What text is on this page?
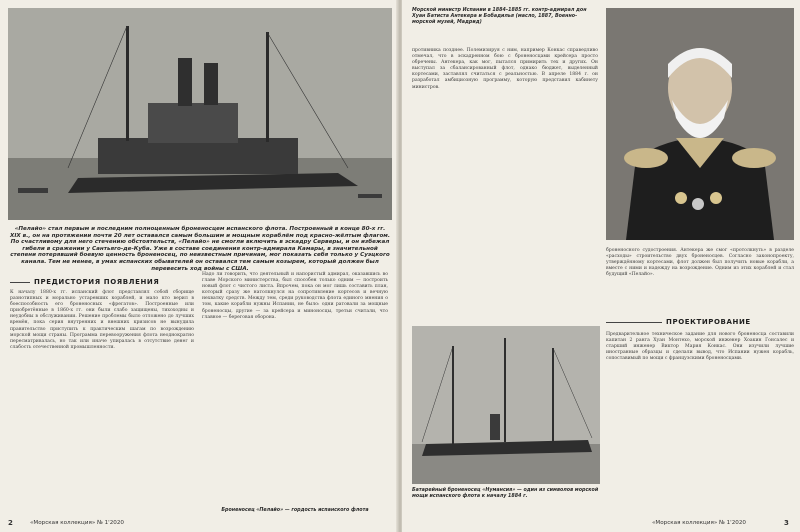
«Пелайо» стал первым и последним полноценным броненосцем испанского флота. Построенный в конце 80-х гг. XIX в., он на протяжении почти 20 лет оставался самым большим и мощным кораблём под красно-жёлтым флагом. По счастливому для него стечению обстоятельств, «Пелайо» не смогли включить в эскадру Серверы, и он избежал гибели в сражении у Сантьяго-де-Куба. Уже в составе соединения контр-адмирала Камары, в значительной степени потерявший боевую ценность броненосец, по неизвестным причинам, мог показать себя только у Суэцкого канала. Тем не менее, в умах испанских обывателей он оставался тем самым козырем, который должен был перевесить ход войны с США.
ПРЕДИСТОРИЯ ПОЯВЛЕНИЯ

К началу 1880-х гг. испанский флот представлял собой сборище разнотипных и морально устаревших кораблей, и мало кто верил в боеспособность его броненосных «фрегатов». Построенные или приобретённые в 1860-х гг. они были слабо защищены, тихоходны и неудобны в обслуживании. Решение проблемы было отложено до лучших времён, пока серия внутренних и внешних кризисов не вынудила правительство приступить к практическим шагам по возрождению морской мощи страны. Программа перевооружения флота неоднократно пересматривалась, но так или иначе упиралась в отсутствие денег и слабость отечественной промышленности.

Надо ли говорить, что деятельный и напористый адмирал, оказавшись во главе Морского министерства, был способен только одним — построить новый флот с чистого листа. Впрочем, пока он мог лишь составить план, который сразу же натолкнулся на сопротивление кортесов и вечную нехватку средств. Между тем, среди руководства флота единого мнения о том, какие корабли нужны Испании, не было: одни ратовали за мощные броненосцы, другие — за крейсера и миноносцы, третьи считали, что главное — береговая оборона.

Броненосец «Пелайо» — гордость испанского флота
2	«Морская коллекция» № 1'2020
Морской министр Испании в 1884–1885 гг. контр-адмирал дон Хуан Батиста Антекера и Бобадилья (масло, 1887, Военно-морской музей, Мадрид)

противника позднее. Полемизируя с ним, например Конкас справедливо отмечал, что в эскадренном бою с броненосцами крейсера просто обречены. Антекера, как мог, пытался примирить тех и других. Он выступал за сбалансированный флот, однако бюджет, выделенный кортесами, заставлял считаться с реальностью. В апреле 1884 г. он разработал амбициозную программу, которую представил кабинету министров.

броненосного судостроения. Антекера же смог «протолкнуть» в разделе «расходы» строительство двух броненосцев. Согласно законопроекту, утверждённому кортесами, флот должен был получить новые корабли, а вместе с ними и надежду на возрождение. Одним из этих кораблей и стал будущий «Пелайо».

Батарейный броненосец «Нумансия» — один из символов морской мощи испанского флота к началу 1884 г.
ПРОЕКТИРОВАНИЕ

Предварительное техническое задание для нового броненосца составили капитан 2 ранга Хуан Монтехо, морской инженер Хоакин Гонсалес и старший инженер Виктор Мария Конкас. Они изучили лучшие иностранные образцы и сделали вывод, что Испании нужен корабль, сопоставимый по мощи с французскими броненосцами.

«Морская коллекция» № 1'2020	3
